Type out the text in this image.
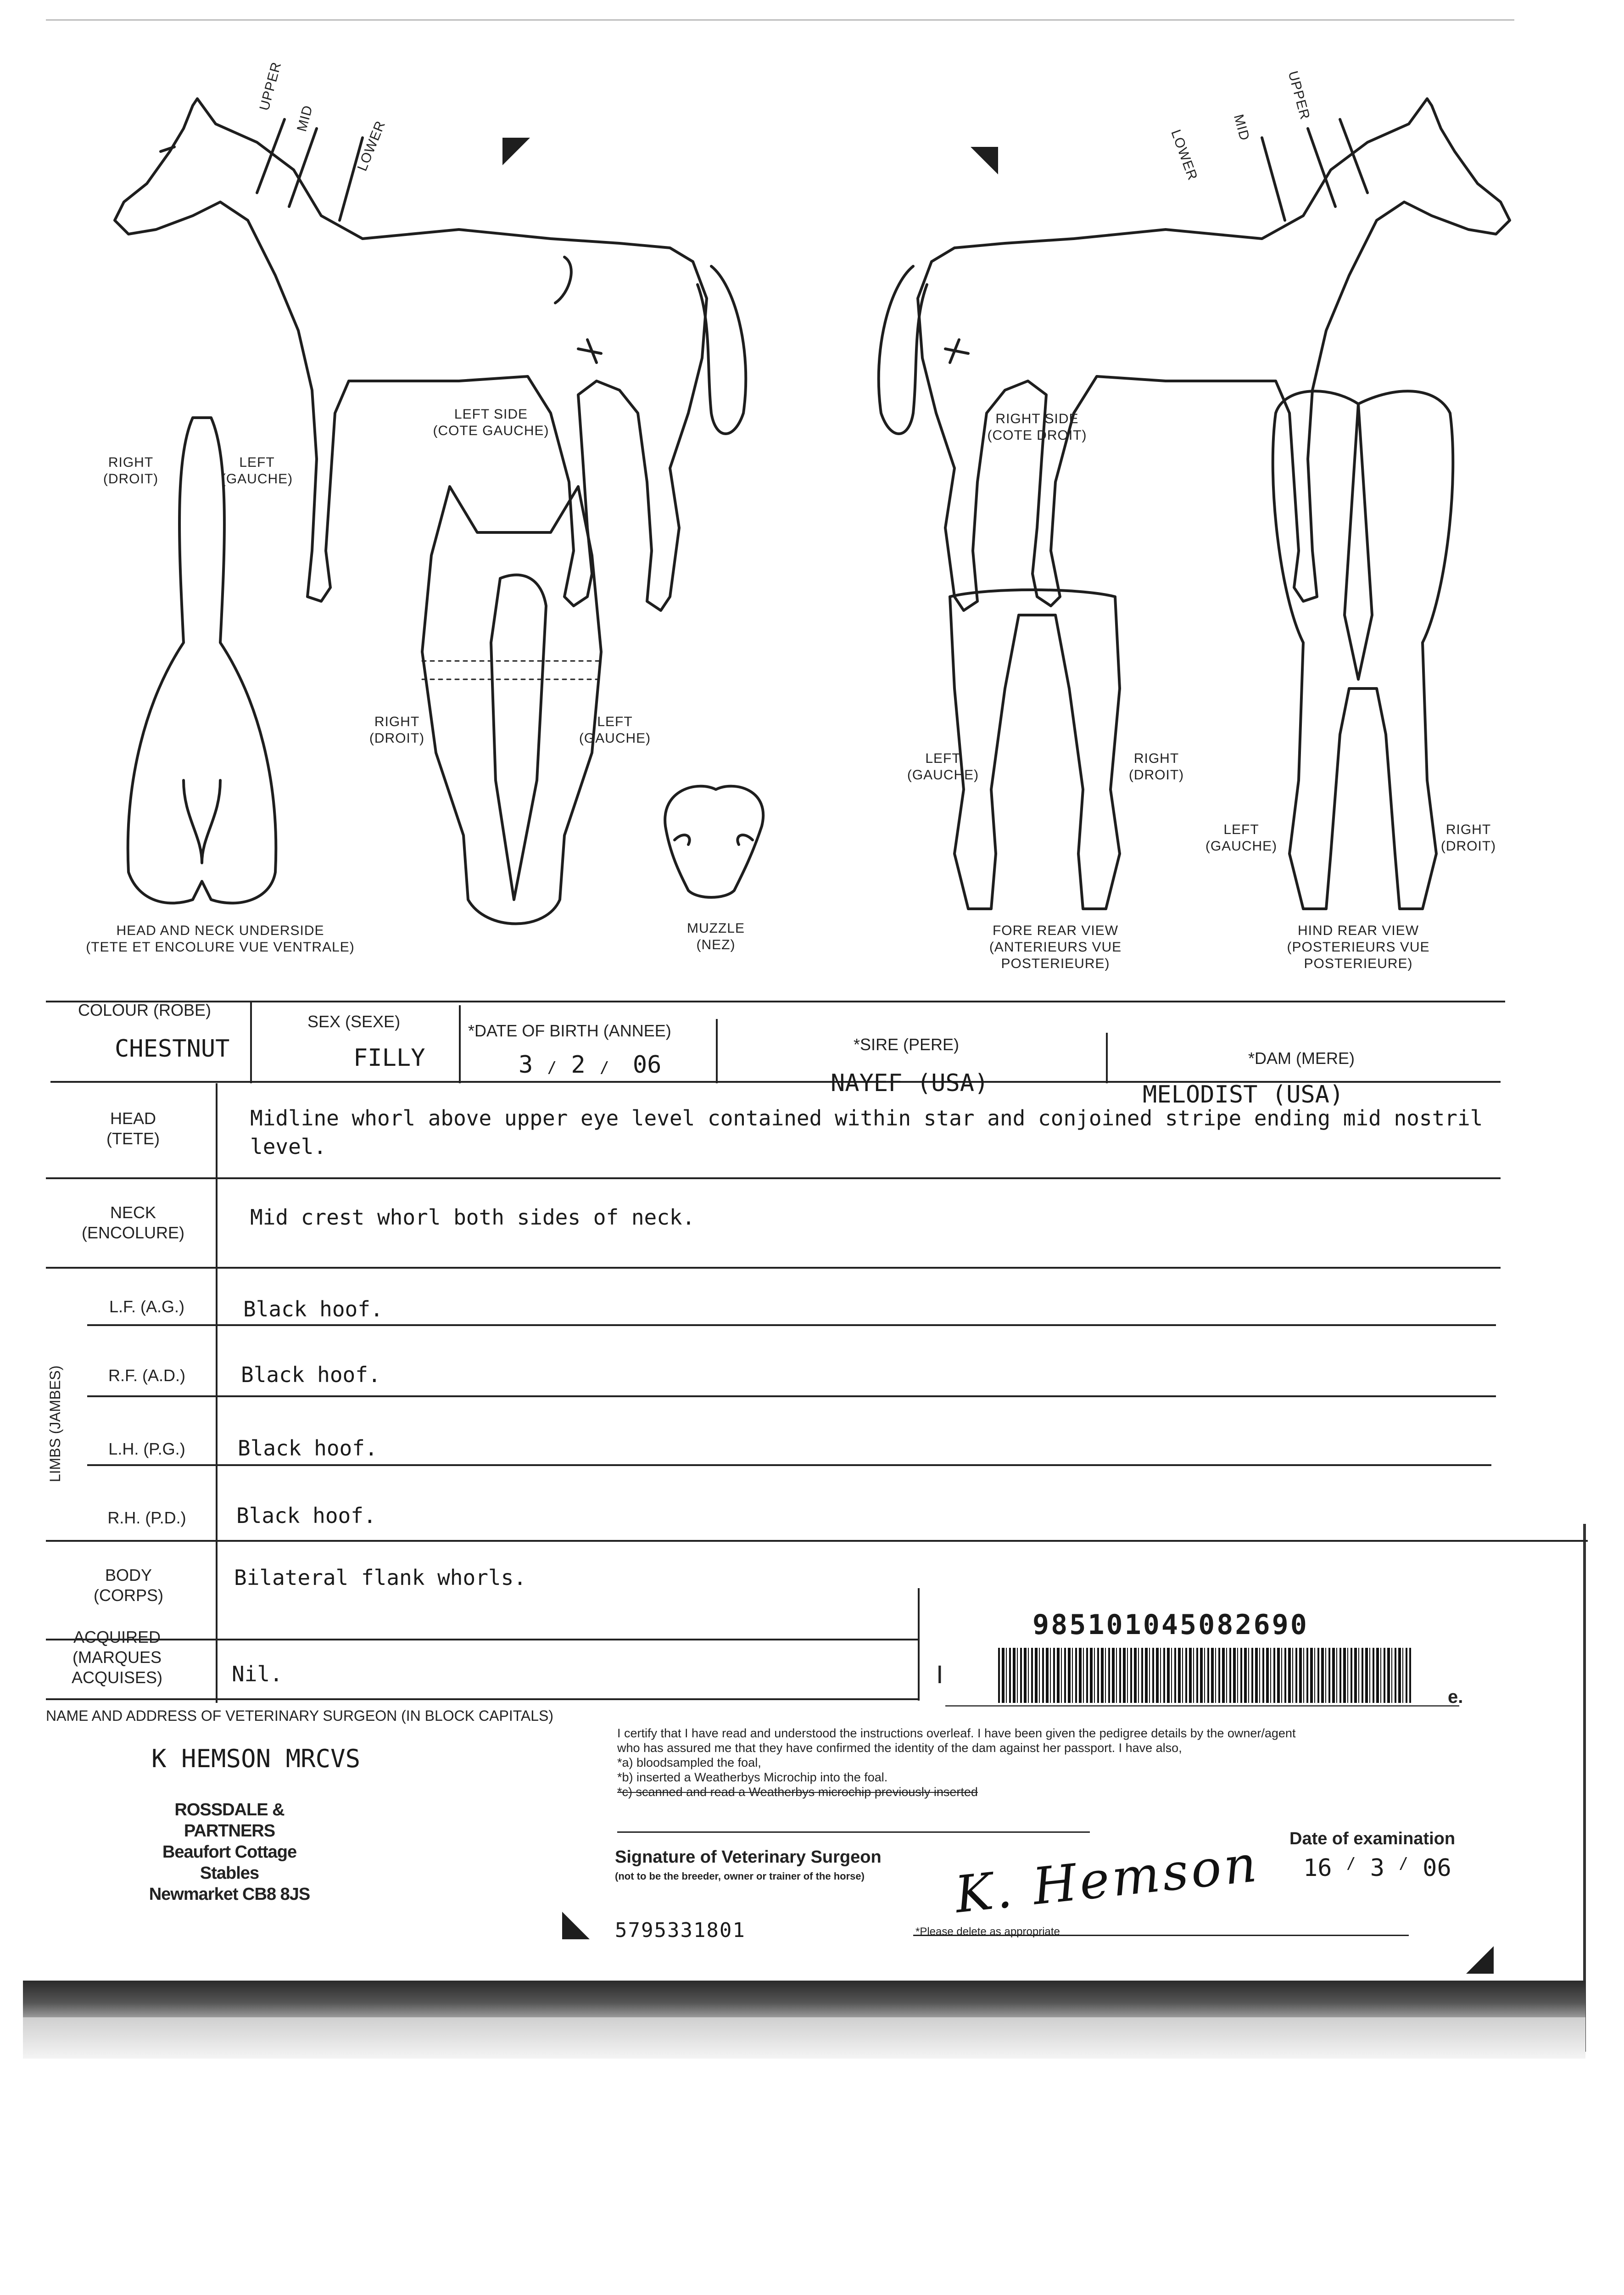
UPPER
MID
LOWER
UPPER
MID
LOWER
LEFT SIDE
(COTE GAUCHE)
RIGHT SIDE
(COTE DROIT)
RIGHT
(DROIT)
LEFT
(GAUCHE)
HEAD AND NECK UNDERSIDE
(TETE ET ENCOLURE VUE VENTRALE)
RIGHT
(DROIT)
LEFT
(GAUCHE)
MUZZLE
(NEZ)
LEFT
(GAUCHE)
RIGHT
(DROIT)
FORE REAR VIEW
(ANTERIEURS VUE
POSTERIEURE)
LEFT
(GAUCHE)
RIGHT
(DROIT)
HIND REAR VIEW
(POSTERIEURS VUE
POSTERIEURE)
COLOUR (ROBE)
CHESTNUT
SEX (SEXE)
FILLY
*DATE OF BIRTH (ANNEE)
3 / 2 / 06
*SIRE (PERE)
NAYEF (USA)
*DAM (MERE)
MELODIST (USA)
HEAD
(TETE)
Midline whorl above upper eye level contained within star and conjoined stripe ending mid nostril
level.
NECK
(ENCOLURE)
Mid crest whorl both sides of neck.
LIMBS (JAMBES)
L.F. (A.G.)	Black hoof.
R.F. (A.D.)	Black hoof.
L.H. (P.G.)	Black hoof.
R.H. (P.D.)	Black hoof.
BODY
(CORPS)
Bilateral flank whorls.
ACQUIRED
(MARQUES
ACQUISES)	Nil.
985101045082690
I
e.
NAME AND ADDRESS OF VETERINARY SURGEON (IN BLOCK CAPITALS)
K HEMSON MRCVS
ROSSDALE & PARTNERS
Beaufort Cottage Stables
Newmarket CB8 8JS
I certify that I have read and understood the instructions overleaf. I have been given the pedigree details by the owner/agent
who has assured me that they have confirmed the identity of the dam against her passport. I have also,
*a) bloodsampled the foal,
*b) inserted a Weatherbys Microchip into the foal.
*c) scanned and read a Weatherbys microchip previously inserted
Signature of Veterinary Surgeon
(not to be the breeder, owner or trainer of the horse) K. Hemson
*Please delete as appropriate
Date of examination
16 / 3 / 06
5795331801
